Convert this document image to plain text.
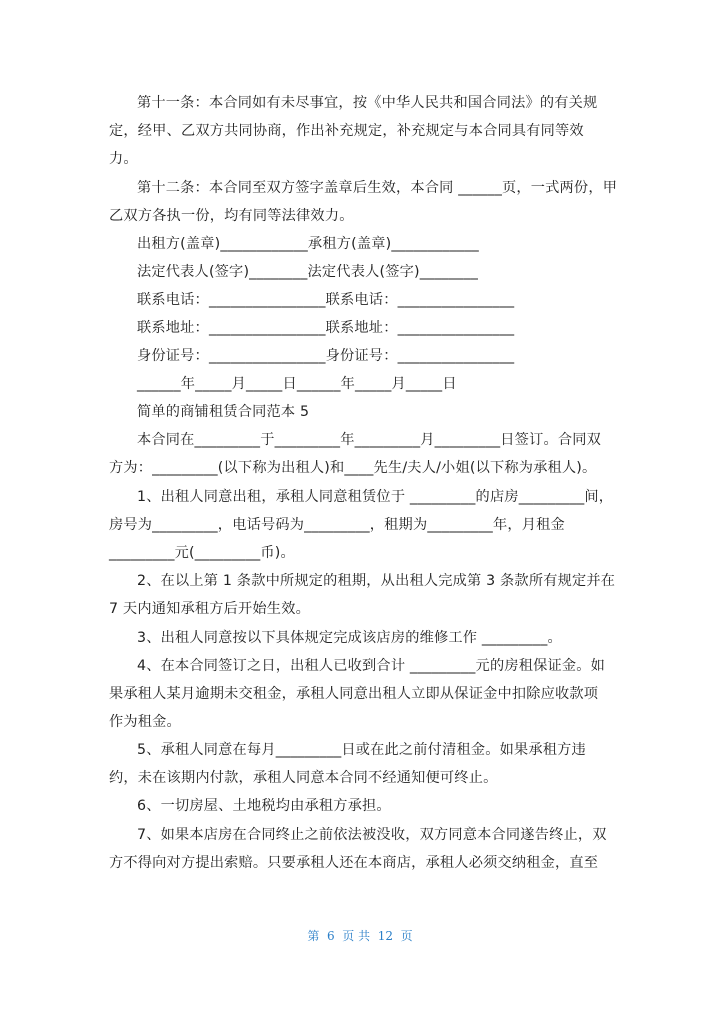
第十一条：本合同如有未尽事宜，按《中华人民共和国合同法》的有关规
定，经甲、乙双方共同协商，作出补充规定，补充规定与本合同具有同等效
力。
第十二条：本合同至双方签字盖章后生效，本合同 ______页，一式两份，甲
乙双方各执一份，均有同等法律效力。
出租方(盖章)____________承租方(盖章)____________
法定代表人(签字)________法定代表人(签字)________
联系电话：________________联系电话：________________
联系地址：________________联系地址：________________
身份证号：________________身份证号：________________
______年_____月_____日______年_____月_____日
简单的商铺租赁合同范本 5
本合同在_________于_________年_________月_________日签订。合同双
方为：_________(以下称为出租人)和____先生/夫人/小姐(以下称为承租人)。
1、出租人同意出租，承租人同意租赁位于 _________的店房_________间，
房号为_________，电话号码为_________，租期为_________年，月租金
_________元(_________币)。
2、在以上第 1 条款中所规定的租期，从出租人完成第 3 条款所有规定并在
7 天内通知承租方后开始生效。
3、出租人同意按以下具体规定完成该店房的维修工作 _________。
4、在本合同签订之日，出租人已收到合计 _________元的房租保证金。如
果承租人某月逾期未交租金，承租人同意出租人立即从保证金中扣除应收款项
作为租金。
5、承租人同意在每月_________日或在此之前付清租金。如果承租方违
约，未在该期内付款，承租人同意本合同不经通知便可终止。
6、一切房屋、土地税均由承租方承担。
7、如果本店房在合同终止之前依法被没收，双方同意本合同遂告终止，双
方不得向对方提出索赔。只要承租人还在本商店，承租人必须交纳租金，直至
第  6  页 共  12  页
